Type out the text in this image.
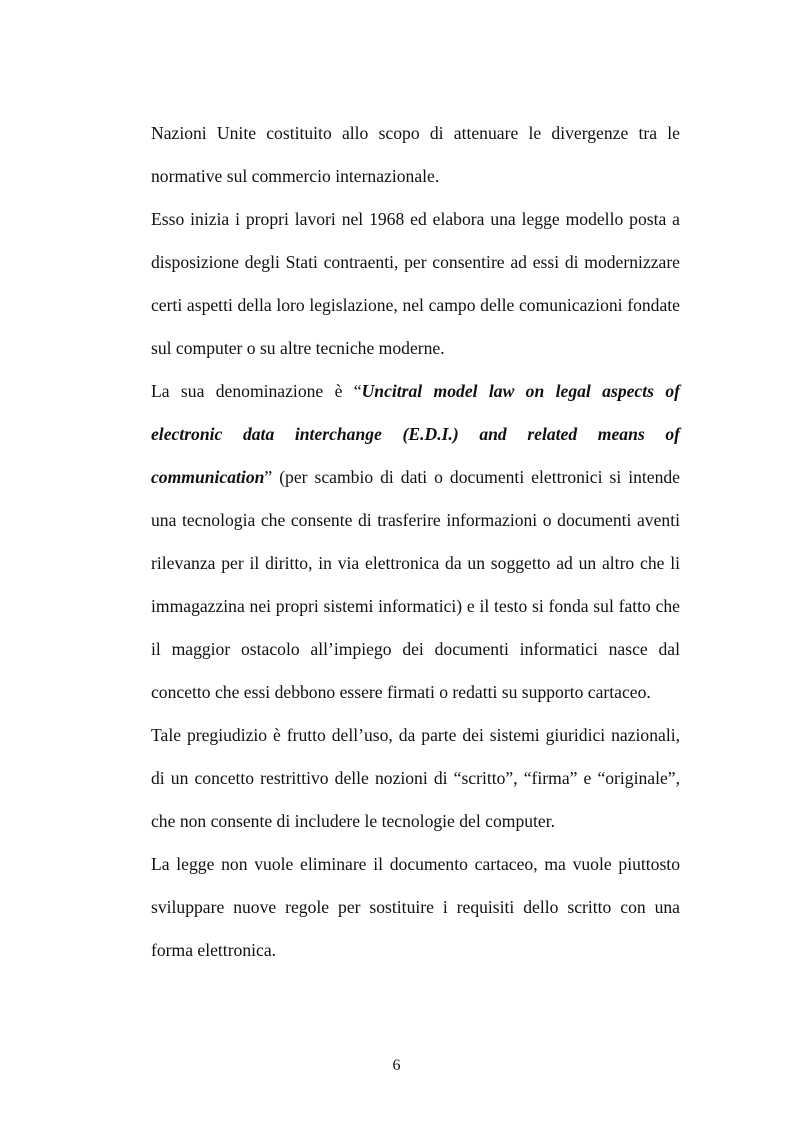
Nazioni Unite costituito allo scopo di attenuare le divergenze tra le normative sul commercio internazionale.

Esso inizia i propri lavori nel 1968 ed elabora una legge modello posta a disposizione degli Stati contraenti, per consentire ad essi di modernizzare certi aspetti della loro legislazione, nel campo delle comunicazioni fondate sul computer o su altre tecniche moderne.

La sua denominazione è “Uncitral model law on legal aspects of electronic data interchange (E.D.I.) and related means of communication” (per scambio di dati o documenti elettronici si intende una tecnologia che consente di trasferire informazioni o documenti aventi rilevanza per il diritto, in via elettronica da un soggetto ad un altro che li immagazzina nei propri sistemi informatici) e il testo si fonda sul fatto che il maggior ostacolo all’impiego dei documenti informatici nasce dal concetto che essi debbono essere firmati o redatti su supporto cartaceo.

Tale pregiudizio è frutto dell’uso, da parte dei sistemi giuridici nazionali, di un concetto restrittivo delle nozioni di “scritto”, “firma” e “originale”, che non consente di includere le tecnologie del computer.

La legge non vuole eliminare il documento cartaceo, ma vuole piuttosto sviluppare nuove regole per sostituire i requisiti dello scritto con una forma elettronica.

6
